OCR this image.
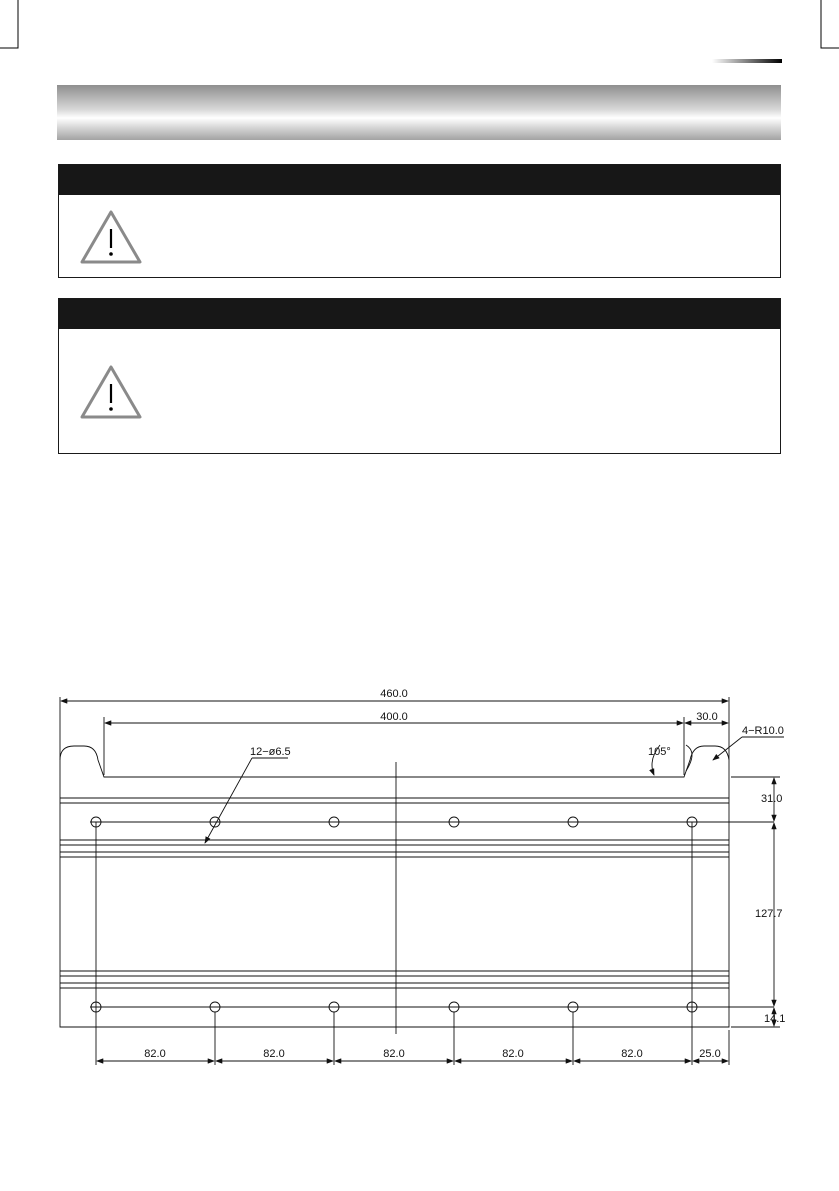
460.0
400.0	30.0
4−R10.0
105°
12−ø6.5
31.0
127.7
14.1
82.0	82.0	82.0	82.0	82.0	25.0
